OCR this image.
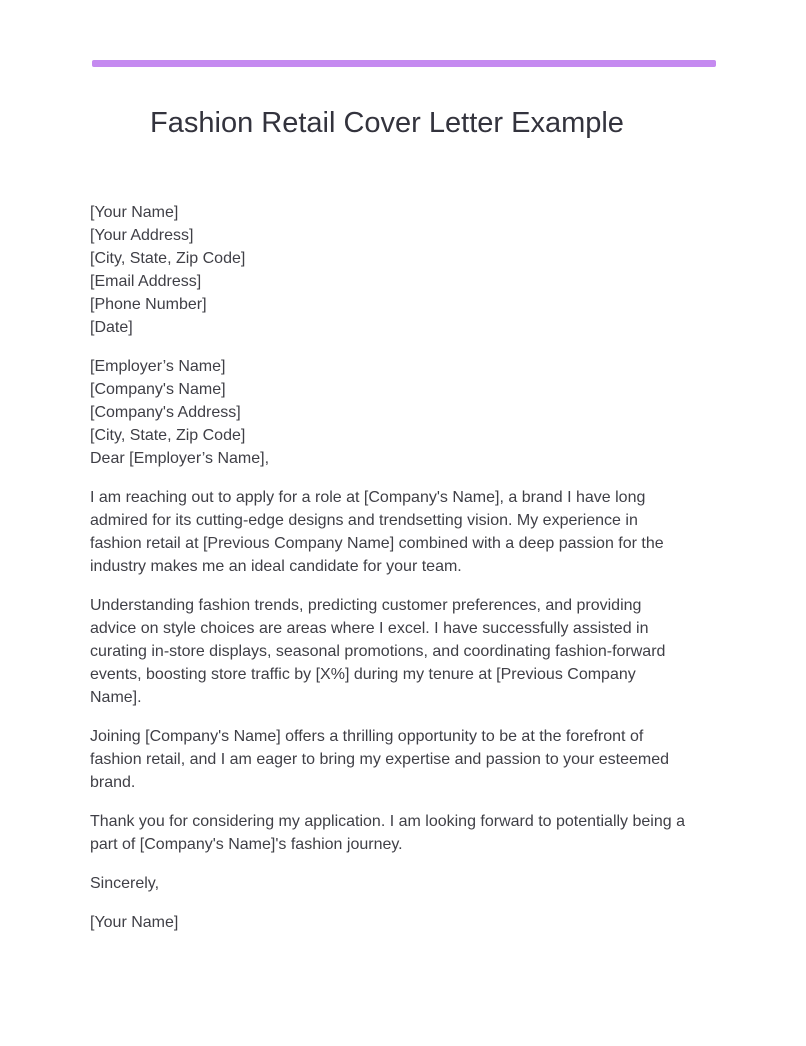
Fashion Retail Cover Letter Example
[Your Name]
[Your Address]
[City, State, Zip Code]
[Email Address]
[Phone Number]
[Date]
[Employer’s Name]
[Company's Name]
[Company's Address]
[City, State, Zip Code]
Dear [Employer’s Name],

I am reaching out to apply for a role at [Company's Name], a brand I have long admired for its cutting-edge designs and trendsetting vision. My experience in fashion retail at [Previous Company Name] combined with a deep passion for the industry makes me an ideal candidate for your team.

Understanding fashion trends, predicting customer preferences, and providing advice on style choices are areas where I excel. I have successfully assisted in curating in-store displays, seasonal promotions, and coordinating fashion-forward events, boosting store traffic by [X%] during my tenure at [Previous Company Name].

Joining [Company's Name] offers a thrilling opportunity to be at the forefront of fashion retail, and I am eager to bring my expertise and passion to your esteemed brand.

Thank you for considering my application. I am looking forward to potentially being a part of [Company's Name]'s fashion journey.

Sincerely,

[Your Name]
